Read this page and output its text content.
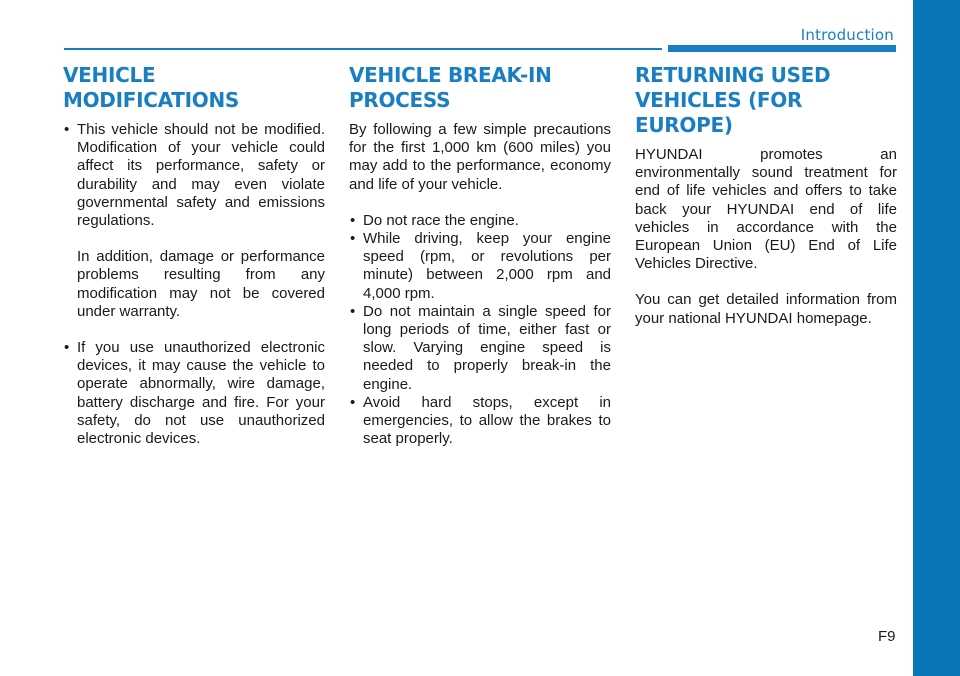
Introduction
VEHICLE MODIFICATIONS
• This vehicle should not be modified. Modification of your vehicle could affect its performance, safety or durability and may even violate governmental safety and emissions regulations.

In addition, damage or performance problems resulting from any modification may not be covered under warranty.

• If you use unauthorized electronic devices, it may cause the vehicle to operate abnormally, wire damage, battery discharge and fire. For your safety, do not use unauthorized electronic devices.
VEHICLE BREAK-IN PROCESS

By following a few simple precautions for the first 1,000 km (600 miles) you may add to the performance, economy and life of your vehicle.

• Do not race the engine.
• While driving, keep your engine speed (rpm, or revolutions per minute) between 2,000 rpm and 4,000 rpm.
• Do not maintain a single speed for long periods of time, either fast or slow. Varying engine speed is needed to properly break-in the engine.
• Avoid hard stops, except in emergencies, to allow the brakes to seat properly.
RETURNING USED VEHICLES (FOR EUROPE)

HYUNDAI promotes an environmentally sound treatment for end of life vehicles and offers to take back your HYUNDAI end of life vehicles in accordance with the European Union (EU) End of Life Vehicles Directive.

You can get detailed information from your national HYUNDAI homepage.

F9
